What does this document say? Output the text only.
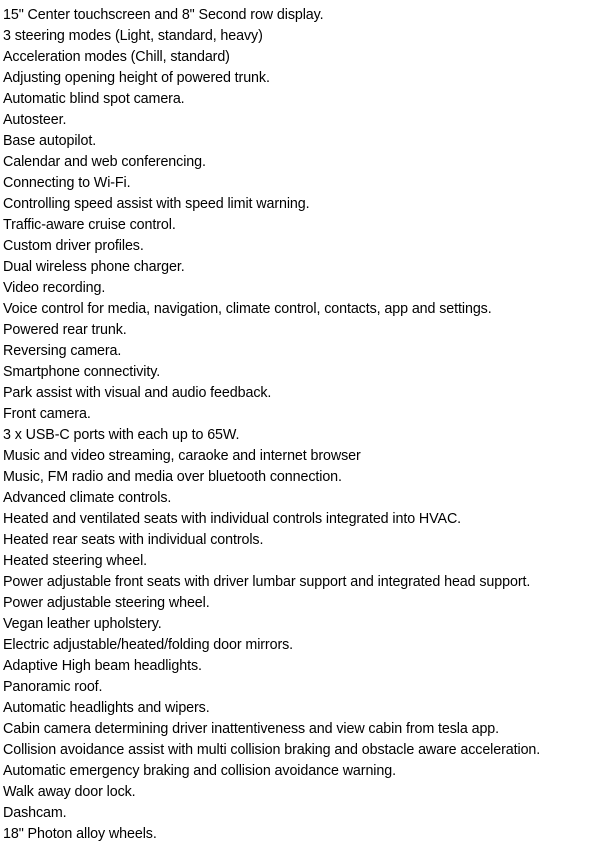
15" Center touchscreen and 8" Second row display.
3 steering modes (Light, standard, heavy)
Acceleration modes (Chill, standard)
Adjusting opening height of powered trunk.
Automatic blind spot camera.
Autosteer.
Base autopilot.
Calendar and web conferencing.
Connecting to Wi-Fi.
Controlling speed assist with speed limit warning.
Traffic-aware cruise control.
Custom driver profiles.
Dual wireless phone charger.
Video recording.
Voice control for media, navigation, climate control, contacts, app and settings.
Powered rear trunk.
Reversing camera.
Smartphone connectivity.
Park assist with visual and audio feedback.
Front camera.
3 x USB-C ports with each up to 65W.
Music and video streaming, caraoke and internet browser
Music, FM radio and media over bluetooth connection.
Advanced climate controls.
Heated and ventilated seats with individual controls integrated into HVAC.
Heated rear seats with individual controls.
Heated steering wheel.
Power adjustable front seats with driver lumbar support and integrated head support.
Power adjustable steering wheel.
Vegan leather upholstery.
Electric adjustable/heated/folding door mirrors.
Adaptive High beam headlights.
Panoramic roof.
Automatic headlights and wipers.
Cabin camera determining driver inattentiveness and view cabin from tesla app.
Collision avoidance assist with multi collision braking and obstacle aware acceleration.
Automatic emergency braking and collision avoidance warning.
Walk away door lock.
Dashcam.
18" Photon alloy wheels.
